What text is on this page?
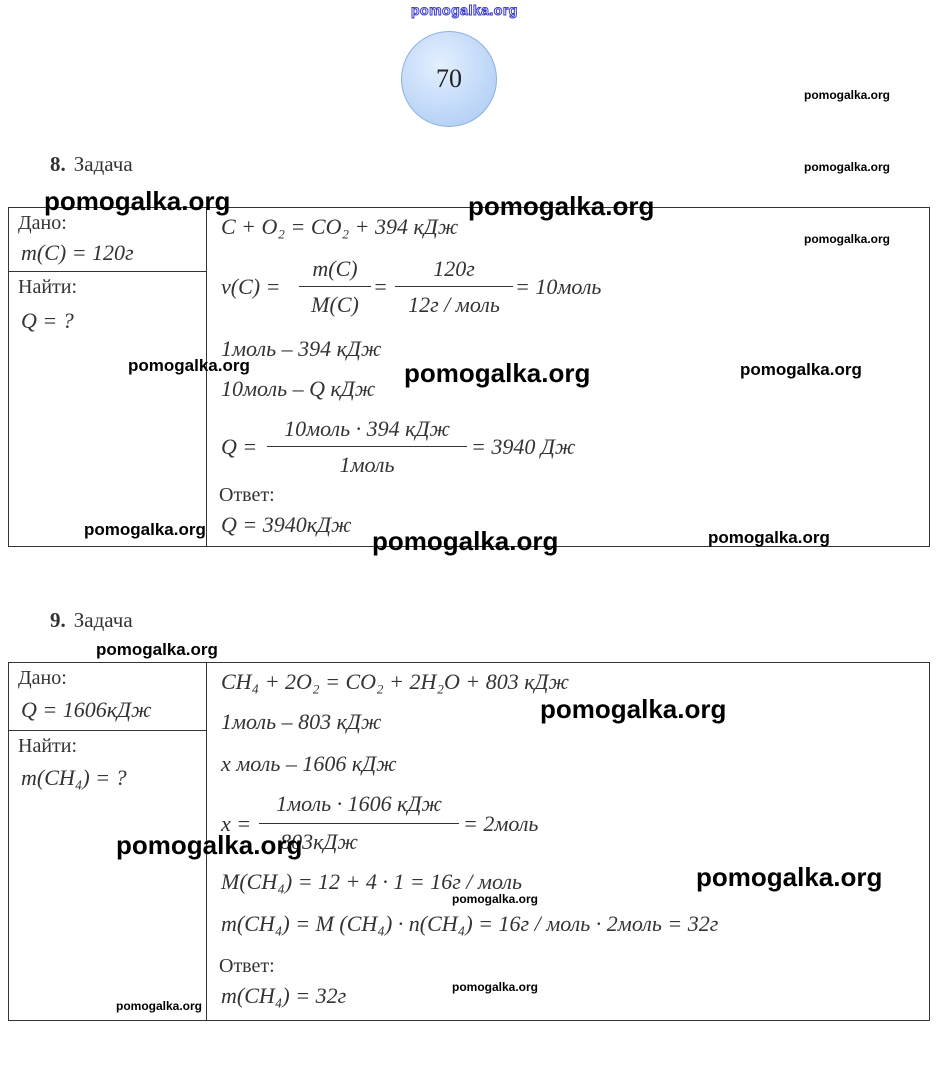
pomogalka.org
70
8. Задача
Дано:
m(C) = 120г
Найти:
Q = ?
C + O₂ = CO₂ + 394 кДж
ν(C) =
m(C)
M(C)
=
120г
12г / моль
= 10моль
1моль – 394 кДж
10моль – Q кДж
Q =
10моль · 394 кДж
1моль
= 3940 Дж
Ответ:
Q = 3940кДж
9. Задача
Дано:
Q = 1606кДж
Найти:
m(CH₄) = ?
CH₄ + 2O₂ = CO₂ + 2H₂O + 803 кДж
1моль – 803 кДж
x моль – 1606 кДж
x =
1моль · 1606 кДж
803кДж
= 2моль
M(CH₄) = 12 + 4 · 1 = 16г / моль
m(CH₄) = M (CH₄) · n(CH₄) = 16г / моль · 2моль = 32г
Ответ:
m(CH₄) = 32г
pomogalka.org
pomogalka.org
pomogalka.org	pomogalka.org
pomogalka.org
pomogalka.org	pomogalka.org	pomogalka.org
pomogalka.org	pomogalka.org	pomogalka.org
pomogalka.org
pomogalka.org
pomogalka.org
pomogalka.org
pomogalka.org
pomogalka.org
pomogalka.org
